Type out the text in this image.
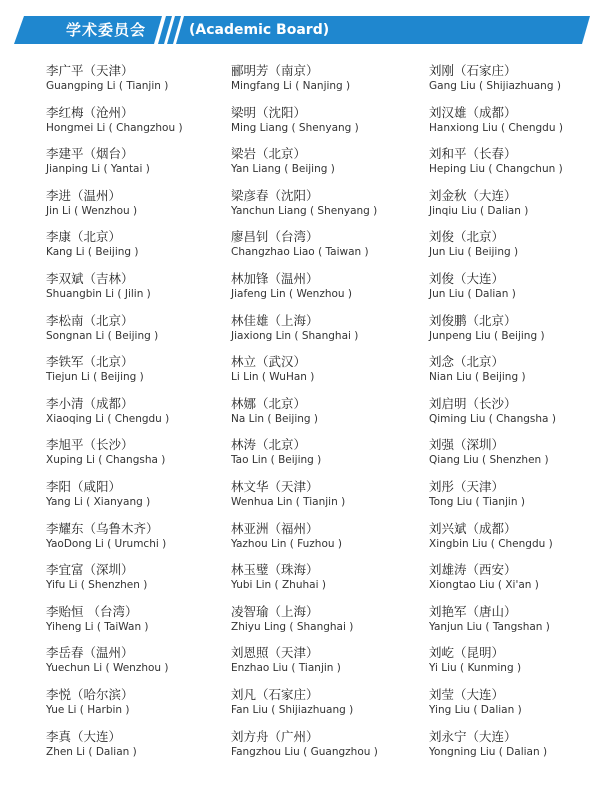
学术委员会	(Academic Board)
李广平（天津）
Guangping Li ( Tianjin )
李红梅（沧州）
Hongmei Li ( Changzhou )
李建平（烟台）
Jianping Li ( Yantai )
李进（温州）
Jin Li ( Wenzhou )
李康（北京）
Kang Li ( Beijing )
李双斌（吉林）
Shuangbin Li ( Jilin )
李松南（北京）
Songnan Li ( Beijing )
李铁军（北京）
Tiejun Li ( Beijing )
李小清（成都）
Xiaoqing Li ( Chengdu )
李旭平（长沙）
Xuping Li ( Changsha )
李阳（咸阳）
Yang Li ( Xianyang )
李耀东（乌鲁木齐）
YaoDong Li ( Urumchi )
李宜富（深圳）
Yifu Li ( Shenzhen )
李贻恒 （台湾）
Yiheng Li ( TaiWan )
李岳春（温州）
Yuechun Li ( Wenzhou )
李悦（哈尔滨）
Yue Li ( Harbin )
李真（大连）
Zhen Li ( Dalian )
郦明芳（南京）
Mingfang Li ( Nanjing )
梁明（沈阳）
Ming Liang ( Shenyang )
梁岩（北京）
Yan Liang ( Beijing )
梁彦春（沈阳）
Yanchun Liang ( Shenyang )
廖昌钊（台湾）
Changzhao Liao ( Taiwan )
林加锋（温州）
Jiafeng Lin ( Wenzhou )
林佳雄（上海）
Jiaxiong Lin ( Shanghai )
林立（武汉）
Li Lin ( WuHan )
林娜（北京）
Na Lin ( Beijing )
林涛（北京）
Tao Lin ( Beijing )
林文华（天津）
Wenhua Lin ( Tianjin )
林亚洲（福州）
Yazhou Lin ( Fuzhou )
林玉璧（珠海）
Yubi Lin ( Zhuhai )
凌智瑜（上海）
Zhiyu Ling ( Shanghai )
刘恩照（天津）
Enzhao Liu ( Tianjin )
刘凡（石家庄）
Fan Liu ( Shijiazhuang )
刘方舟（广州）
Fangzhou Liu ( Guangzhou )
刘刚（石家庄）
Gang Liu ( Shijiazhuang )
刘汉雄（成都）
Hanxiong Liu ( Chengdu )
刘和平（长春）
Heping Liu ( Changchun )
刘金秋（大连）
Jinqiu Liu ( Dalian )
刘俊（北京）
Jun Liu ( Beijing )
刘俊（大连）
Jun Liu ( Dalian )
刘俊鹏（北京）
Junpeng Liu ( Beijing )
刘念（北京）
Nian Liu ( Beijing )
刘启明（长沙）
Qiming Liu ( Changsha )
刘强（深圳）
Qiang Liu ( Shenzhen )
刘彤（天津）
Tong Liu ( Tianjin )
刘兴斌（成都）
Xingbin Liu ( Chengdu )
刘雄涛（西安）
Xiongtao Liu ( Xi'an )
刘艳军（唐山）
Yanjun Liu ( Tangshan )
刘屹（昆明）
Yi Liu ( Kunming )
刘莹（大连）
Ying Liu ( Dalian )
刘永宁（大连）
Yongning Liu ( Dalian )
